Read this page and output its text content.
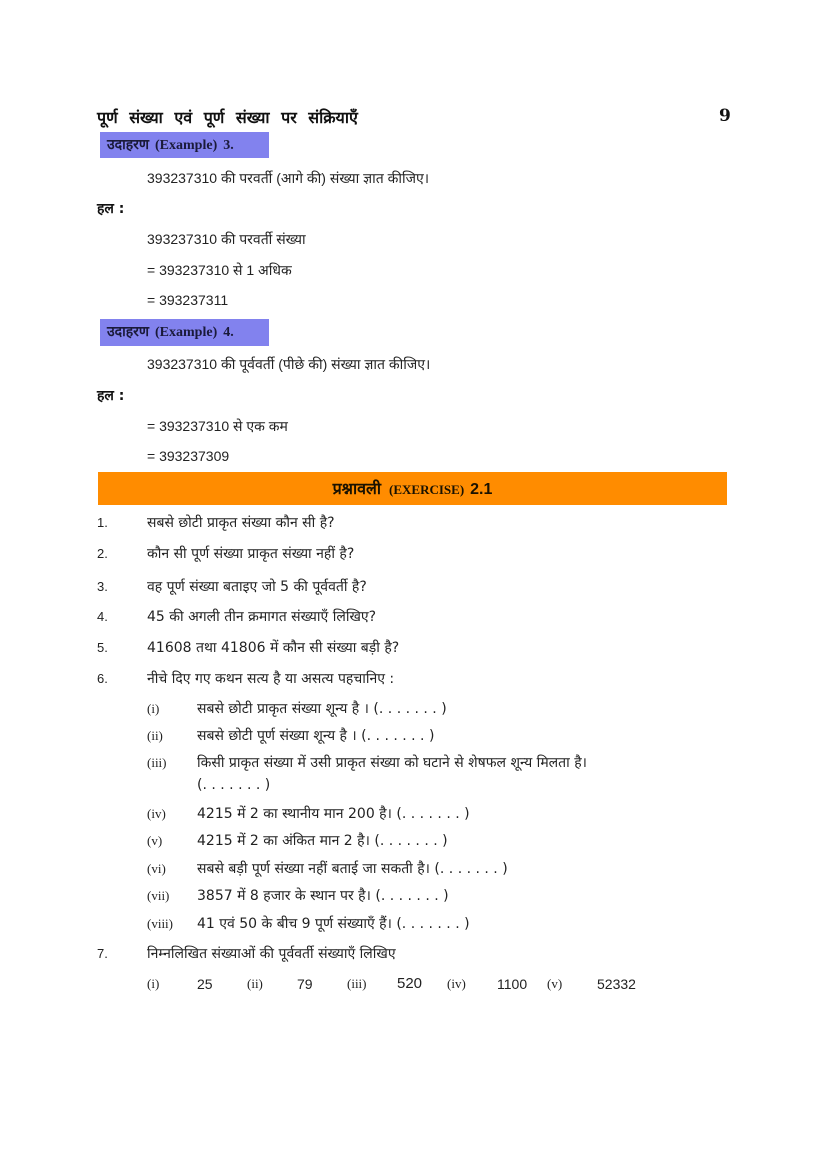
पूर्ण संख्या एवं पूर्ण संख्या पर संक्रियाएँ	9
उदाहरण (Example) 3.
393237310 की परवर्ती (आगे की) संख्या ज्ञात कीजिए।
हल :
393237310 की परवर्ती संख्या
= 393237310 से 1 अधिक
= 393237311
उदाहरण (Example) 4.
393237310 की पूर्ववर्ती (पीछे की) संख्या ज्ञात कीजिए।
हल :
= 393237310 से एक कम
= 393237309
प्रश्नावली (EXERCISE) 2.1
1.	सबसे छोटी प्राकृत संख्या कौन सी है?
2.	कौन सी पूर्ण संख्या प्राकृत संख्या नहीं है?
3.	वह पूर्ण संख्या बताइए जो 5 की पूर्ववर्ती है?
4.	45 की अगली तीन क्रमागत संख्याएँ लिखिए?
5.	41608 तथा 41806 में कौन सी संख्या बड़ी है?
6.	नीचे दिए गए कथन सत्य है या असत्य पहचानिए :
(i)	सबसे छोटी प्राकृत संख्या शून्य है । (. . . . . . . )
(ii) सबसे छोटी पूर्ण संख्या शून्य है । (. . . . . . . )
(iii) किसी प्राकृत संख्या में उसी प्राकृत संख्या को घटाने से शेषफल शून्य मिलता है।
(. . . . . . . )
(iv) 4215 में 2 का स्थानीय मान 200 है। (. . . . . . . )
(v) 4215 में 2 का अंकित मान 2 है। (. . . . . . . )
(vi) सबसे बड़ी पूर्ण संख्या नहीं बताई जा सकती है। (. . . . . . . )
(vii) 3857 में 8 हजार के स्थान पर है। (. . . . . . . )
(viii) 41 एवं 50 के बीच 9 पूर्ण संख्याएँ हैं। (. . . . . . . )
7.	निम्नलिखित संख्याओं की पूर्ववर्ती संख्याएँ लिखिए
(i)	25	(ii) 79	(iii) 520 (iv) 1100 (v) 52332
